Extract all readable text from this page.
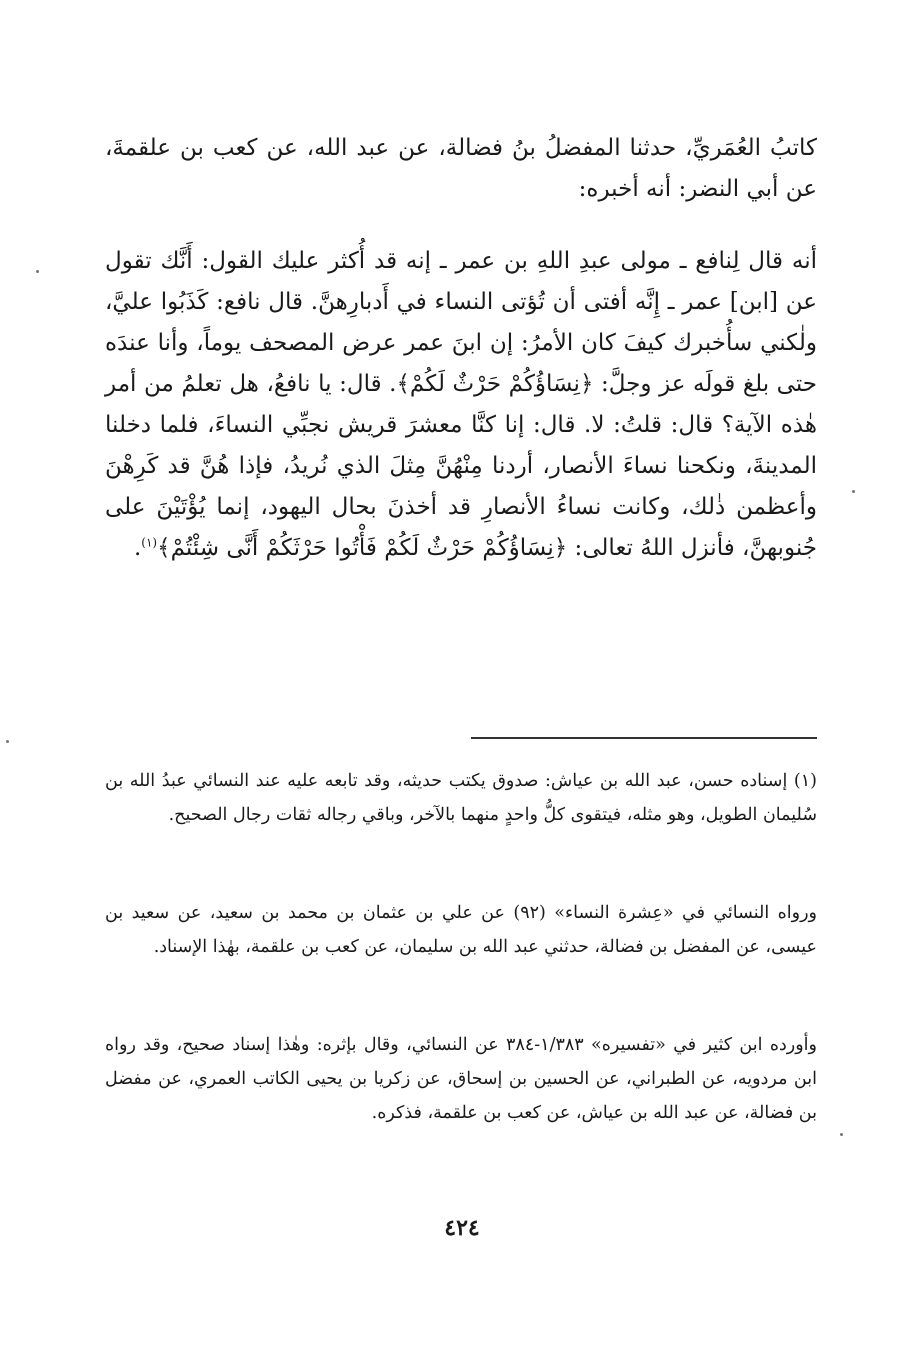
كاتبُ العُمَريِّ، حدثنا المفضلُ بنُ فضالة، عن عبد الله، عن كعب بن علقمةَ، عن أبي النضر: أنه أخبره:

أنه قال لِنافع ـ مولى عبدِ اللهِ بن عمر ـ إنه قد أُكثر عليك القول: أَنَّك تقول عن [ابن] عمر ـ إِنَّه أفتى أن تُؤتى النساء في أَدبارِهنَّ. قال نافع: كَذَبُوا عليَّ، ولٰكني سأُخبرك كيفَ كان الأمرُ: إن ابنَ عمر عرض المصحف يوماً، وأنا عندَه حتى بلغ قولَه عز وجلَّ: ﴿نِسَاؤُكُمْ حَرْثٌ لَكُمْ﴾. قال: يا نافعُ، هل تعلمُ من أمر هٰذه الآية؟ قال: قلتُ: لا. قال: إنا كنَّا معشرَ قريش نجبِّي النساءَ، فلما دخلنا المدينةَ، ونكحنا نساءَ الأنصار، أردنا مِنْهُنَّ مِثلَ الذي نُريدُ، فإذا هُنَّ قد كَرِهْنَ وأعظمن ذٰلك، وكانت نساءُ الأنصارِ قد أخذنَ بحال اليهود، إنما يُؤْتَيْنَ على جُنوبهنَّ، فأنزل اللهُ تعالى: ﴿نِسَاؤُكُمْ حَرْثٌ لَكُمْ فَأْتُوا حَرْثَكُمْ أَنَّى شِئْتُمْ﴾$^{(١)}$.

(١) إسناده حسن، عبد الله بن عياش: صدوق يكتب حديثه، وقد تابعه عليه عند النسائي عبدُ الله بن سُليمان الطويل، وهو مثله، فيتقوى كلُّ واحدٍ منهما بالآخر، وباقي رجاله ثقات رجال الصحيح.

ورواه النسائي في «عِشرة النساء» (٩٢) عن علي بن عثمان بن محمد بن سعيد، عن سعيد بن عيسى، عن المفضل بن فضالة، حدثني عبد الله بن سليمان، عن كعب بن علقمة، بهٰذا الإسناد.

وأورده ابن كثير في «تفسيره» ١/٣٨٣-٣٨٤ عن النسائي، وقال بإثره: وهٰذا إسناد صحيح، وقد رواه ابن مردويه، عن الطبراني، عن الحسين بن إسحاق، عن زكريا بن يحيى الكاتب العمري، عن مفضل بن فضالة، عن عبد الله بن عياش، عن كعب بن علقمة، فذكره.

٤٢٤
